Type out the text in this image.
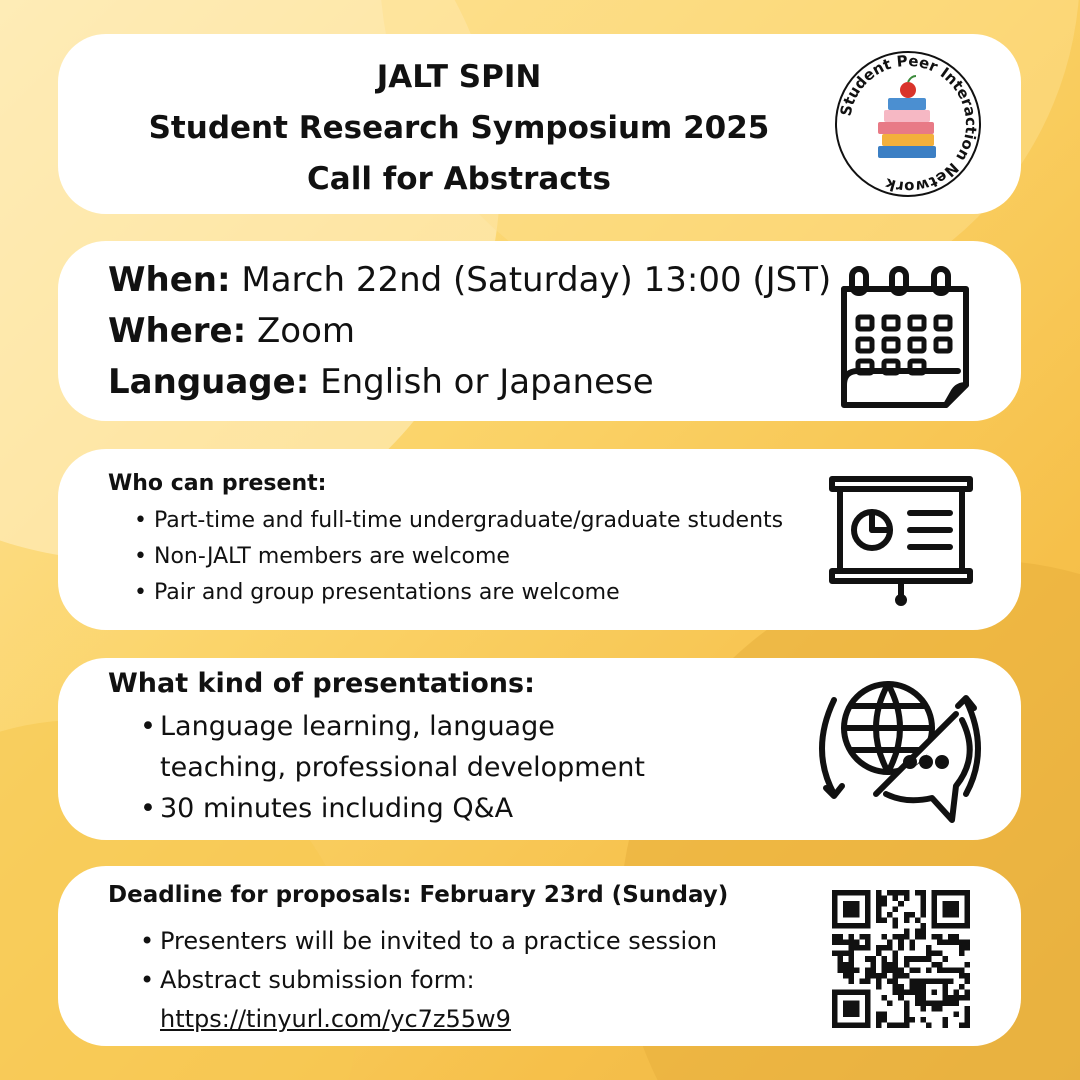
JALT SPIN
Student Research Symposium 2025
Call for Abstracts
Student Peer Interaction Network
When: March 22nd (Saturday) 13:00 (JST)
Where: Zoom
Language: English or Japanese
Who can present:
• Part-time and full-time undergraduate/graduate students
• Non-JALT members are welcome
• Pair and group presentations are welcome
What kind of presentations:
• Language learning, language teaching, professional development
• 30 minutes including Q&A
Deadline for proposals: February 23rd (Sunday)
• Presenters will be invited to a practice session
• Abstract submission form:
https://tinyurl.com/yc7z55w9
